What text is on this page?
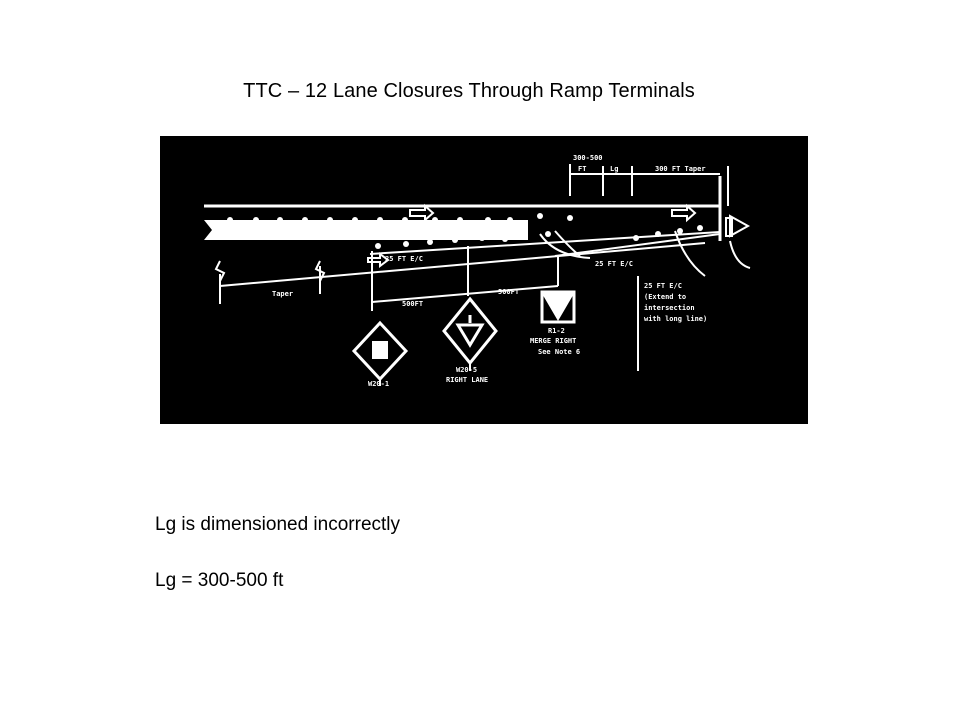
TTC – 12 Lane Closures Through Ramp Terminals
300-500
FT	Lg	300 FT Taper
25 FT E/C
25 FT E/C
500FT
500FT
Taper
25 FT E/C
(Extend to
intersection
with long line)
W20-1
W20-5
RIGHT LANE
R1-2
MERGE RIGHT
See Note 6
Lg is dimensioned incorrectly
Lg = 300-500 ft
